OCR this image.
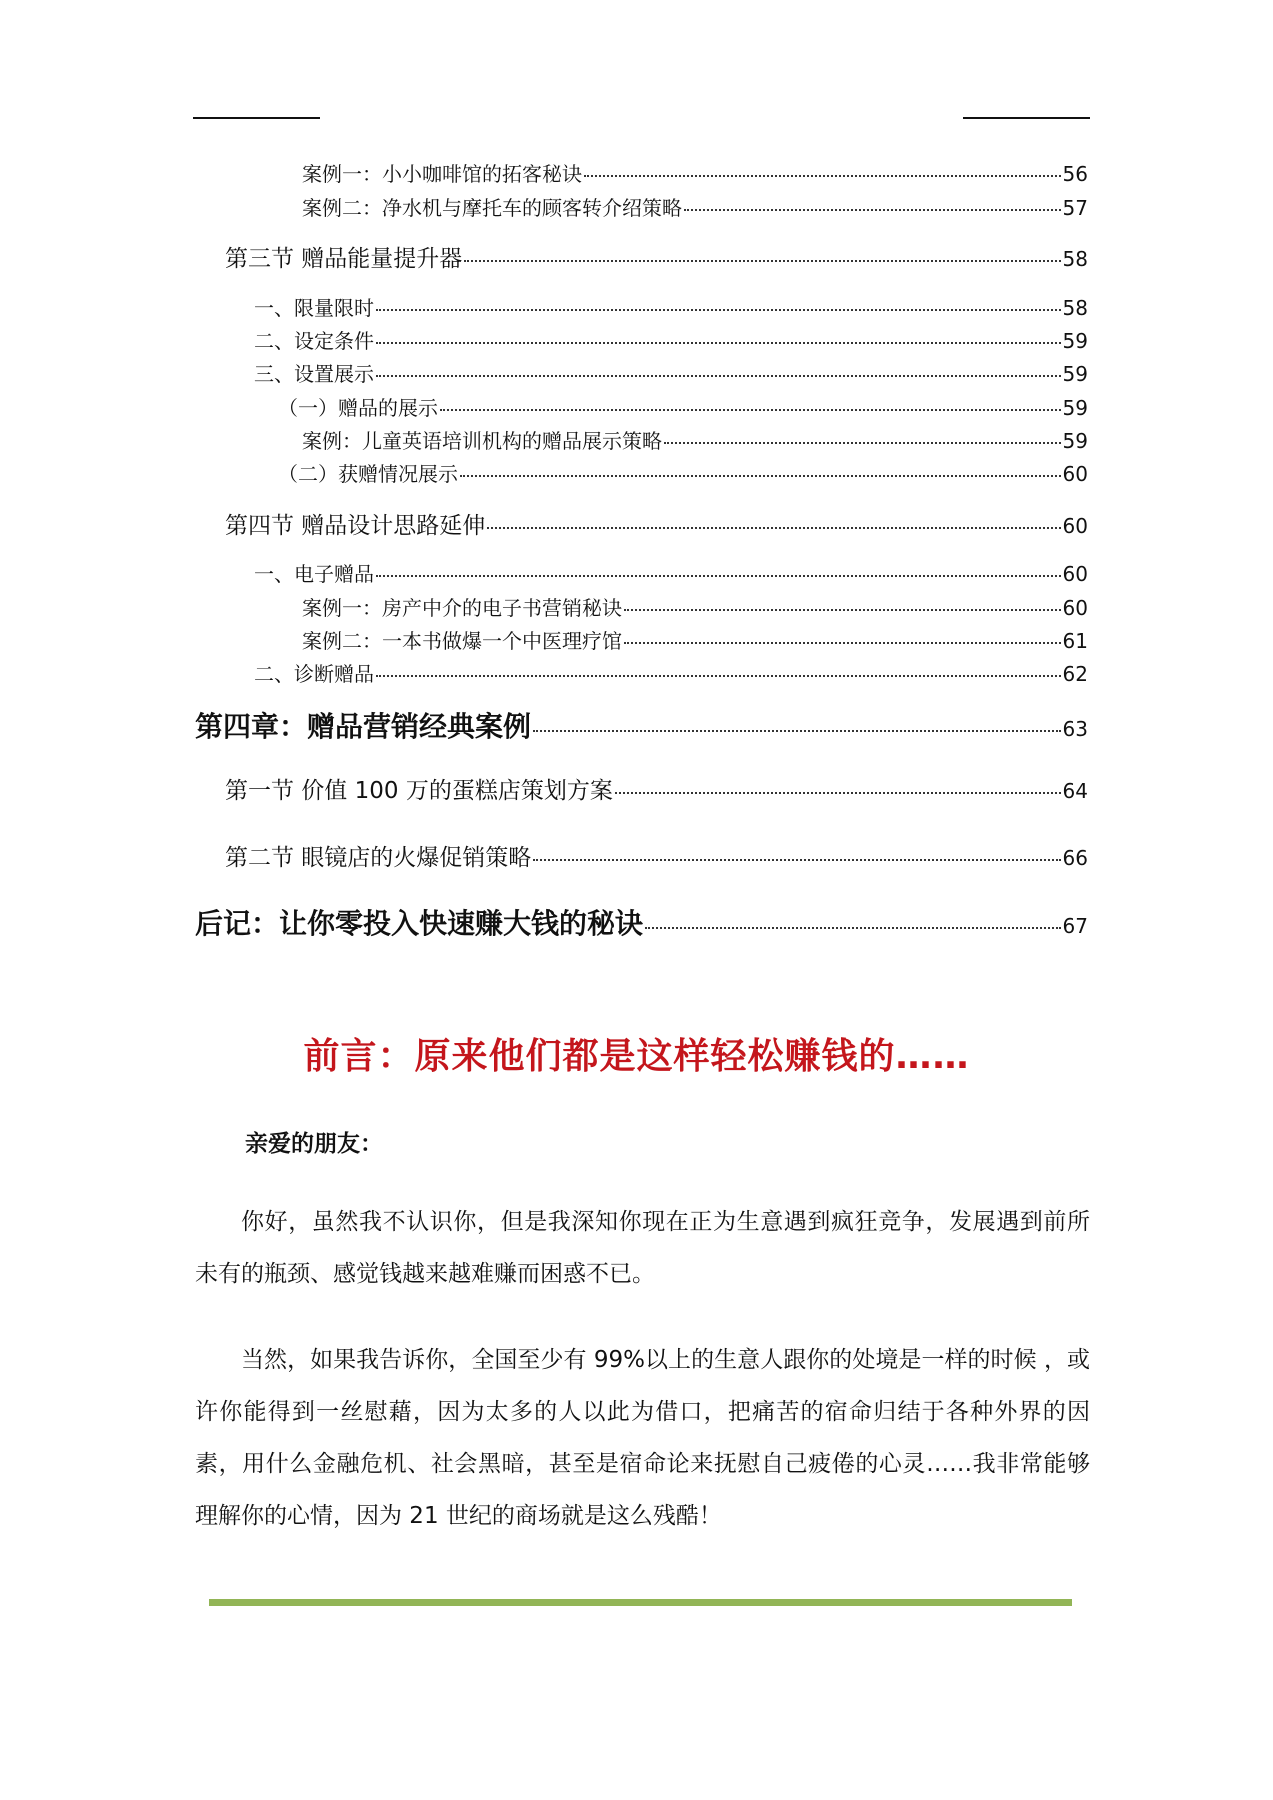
案例一：小小咖啡馆的拓客秘诀	56
案例二：净水机与摩托车的顾客转介绍策略	57
第三节 赠品能量提升器	58
一、限量限时	58
二、设定条件	59
三、设置展示	59
（一）赠品的展示	59
案例：儿童英语培训机构的赠品展示策略	59
（二）获赠情况展示	60
第四节 赠品设计思路延伸	60
一、电子赠品	60
案例一：房产中介的电子书营销秘诀	60
案例二：一本书做爆一个中医理疗馆	61
二、诊断赠品	62
第四章：赠品营销经典案例	63
第一节 价值 100 万的蛋糕店策划方案	64
第二节 眼镜店的火爆促销策略	66
后记：让你零投入快速赚大钱的秘诀	67
前言：原来他们都是这样轻松赚钱的……
亲爱的朋友：
你好，虽然我不认识你，但是我深知你现在正为生意遇到疯狂竞争，发展遇到前所未有的瓶颈、感觉钱越来越难赚而困惑不已。
当然，如果我告诉你，全国至少有 99%以上的生意人跟你的处境是一样的时候 ，或许你能得到一丝慰藉，因为太多的人以此为借口，把痛苦的宿命归结于各种外界的因素，用什么金融危机、社会黑暗，甚至是宿命论来抚慰自己疲倦的心灵……我非常能够理解你的心情，因为 21 世纪的商场就是这么残酷！
